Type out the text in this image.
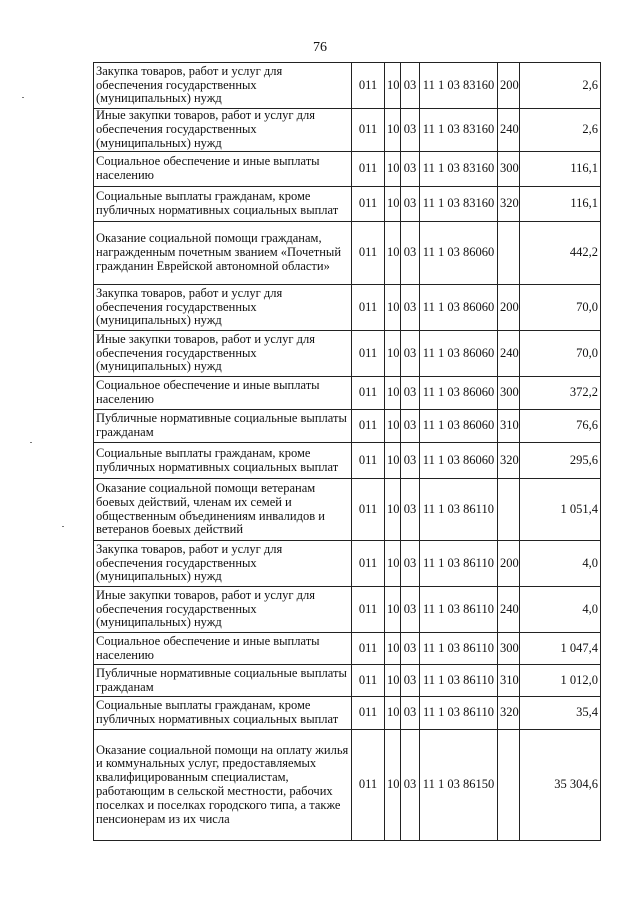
76
Закупка товаров, работ и услуг для обеспечения государственных (муниципальных) нужд	011	10	03	11 1 03 83160	200	2,6
Иные закупки товаров, работ и услуг для обеспечения государственных (муниципальных) нужд	011	10	03	11 1 03 83160	240	2,6
Социальное обеспечение и иные выплаты населению	011	10	03	11 1 03 83160	300	116,1
Социальные выплаты гражданам, кроме публичных нормативных социальных выплат	011	10	03	11 1 03 83160	320	116,1
Оказание социальной помощи гражданам, награжденным почетным званием «Почетный гражданин Еврейской автономной области»	011	10	03	11 1 03 86060		442,2
Закупка товаров, работ и услуг для обеспечения государственных (муниципальных) нужд	011	10	03	11 1 03 86060	200	70,0
Иные закупки товаров, работ и услуг для обеспечения государственных (муниципальных) нужд	011	10	03	11 1 03 86060	240	70,0
Социальное обеспечение и иные выплаты населению	011	10	03	11 1 03 86060	300	372,2
Публичные нормативные социальные выплаты гражданам	011	10	03	11 1 03 86060	310	76,6
Социальные выплаты гражданам, кроме публичных нормативных социальных выплат	011	10	03	11 1 03 86060	320	295,6
Оказание социальной помощи ветеранам боевых действий, членам их семей и общественным объединениям инвалидов и ветеранов боевых действий	011	10	03	11 1 03 86110		1 051,4
Закупка товаров, работ и услуг для обеспечения государственных (муниципальных) нужд	011	10	03	11 1 03 86110	200	4,0
Иные закупки товаров, работ и услуг для обеспечения государственных (муниципальных) нужд	011	10	03	11 1 03 86110	240	4,0
Социальное обеспечение и иные выплаты населению	011	10	03	11 1 03 86110	300	1 047,4
Публичные нормативные социальные выплаты гражданам	011	10	03	11 1 03 86110	310	1 012,0
Социальные выплаты гражданам, кроме публичных нормативных социальных выплат	011	10	03	11 1 03 86110	320	35,4
Оказание социальной помощи на оплату жилья и коммунальных услуг, предоставляемых квалифицированным специалистам, работающим в сельской местности, рабочих поселках и поселках городского типа, а также пенсионерам из их числа	011	10	03	11 1 03 86150		35 304,6
